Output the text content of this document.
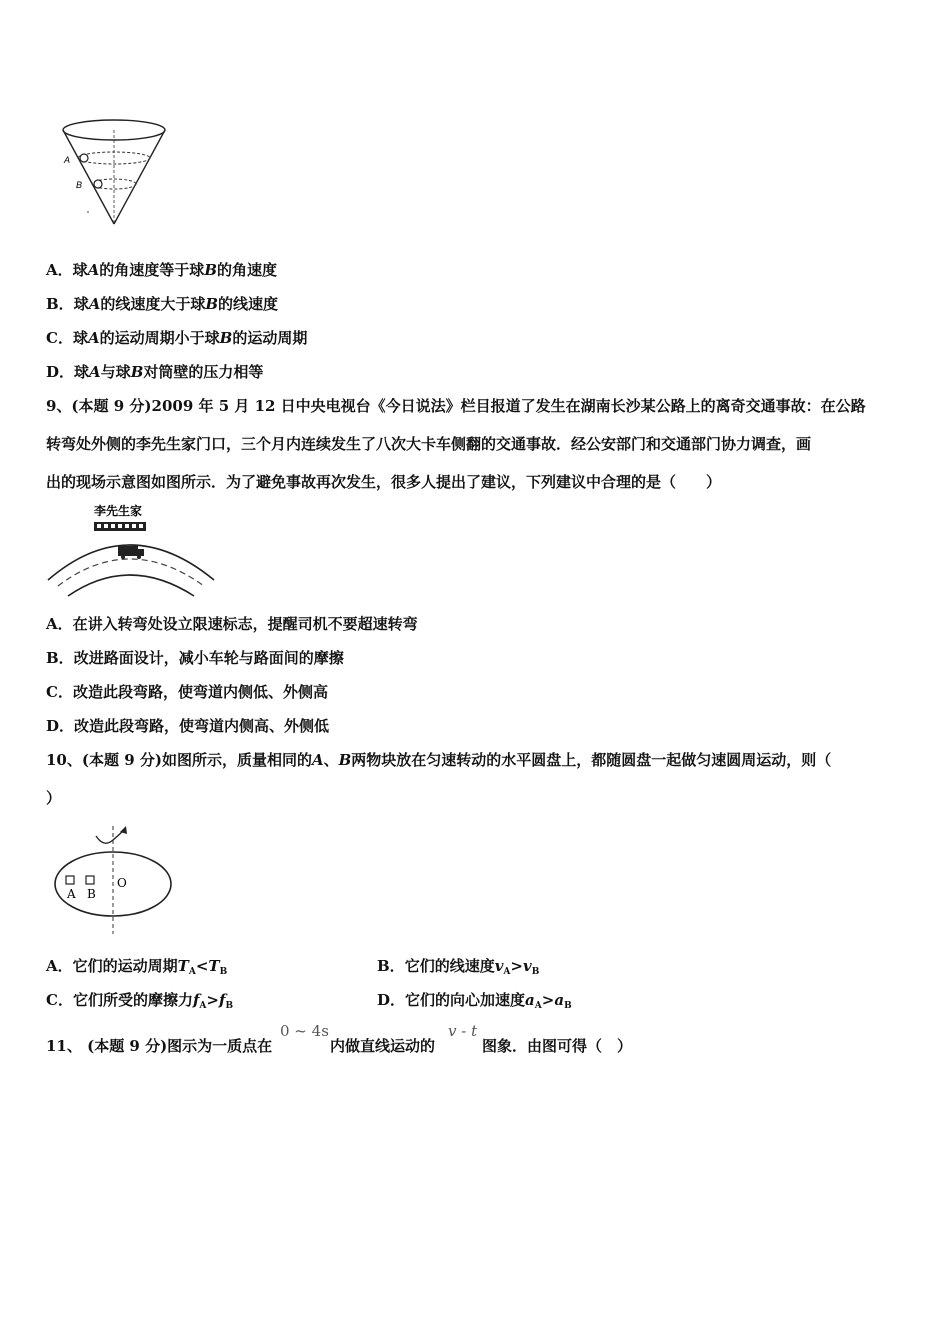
A
B
A．球A的角速度等于球B的角速度
B．球A的线速度大于球B的线速度
C．球A的运动周期小于球B的运动周期
D．球A与球B对筒壁的压力相等
9、(本题 9 分)2009 年 5 月 12 日中央电视台《今日说法》栏目报道了发生在湖南长沙某公路上的离奇交通事故：在公路
转弯处外侧的李先生家门口，三个月内连续发生了八次大卡车侧翻的交通事故．经公安部门和交通部门协力调查，画
出的现场示意图如图所示．为了避免事故再次发生，很多人提出了建议，下列建议中合理的是（　　）
李先生家
A．在讲入转弯处设立限速标志，提醒司机不要超速转弯
B．改进路面设计，减小车轮与路面间的摩擦
C．改造此段弯路，使弯道内侧低、外侧高
D．改造此段弯路，使弯道内侧高、外侧低
10、(本题 9 分)如图所示，质量相同的A、B两物块放在匀速转动的水平圆盘上，都随圆盘一起做匀速圆周运动，则（
）
A B
O
A．它们的运动周期$T_A<T_B$	B．它们的线速度$v_A>v_B$
C．它们所受的摩擦力$f_A>f_B$	D．它们的向心加速度$a_A>a_B$
11、 (本题 9 分)图示为一质点在
0 ~ 4s
内做直线运动的
v - t
图象．由图可得（　）
